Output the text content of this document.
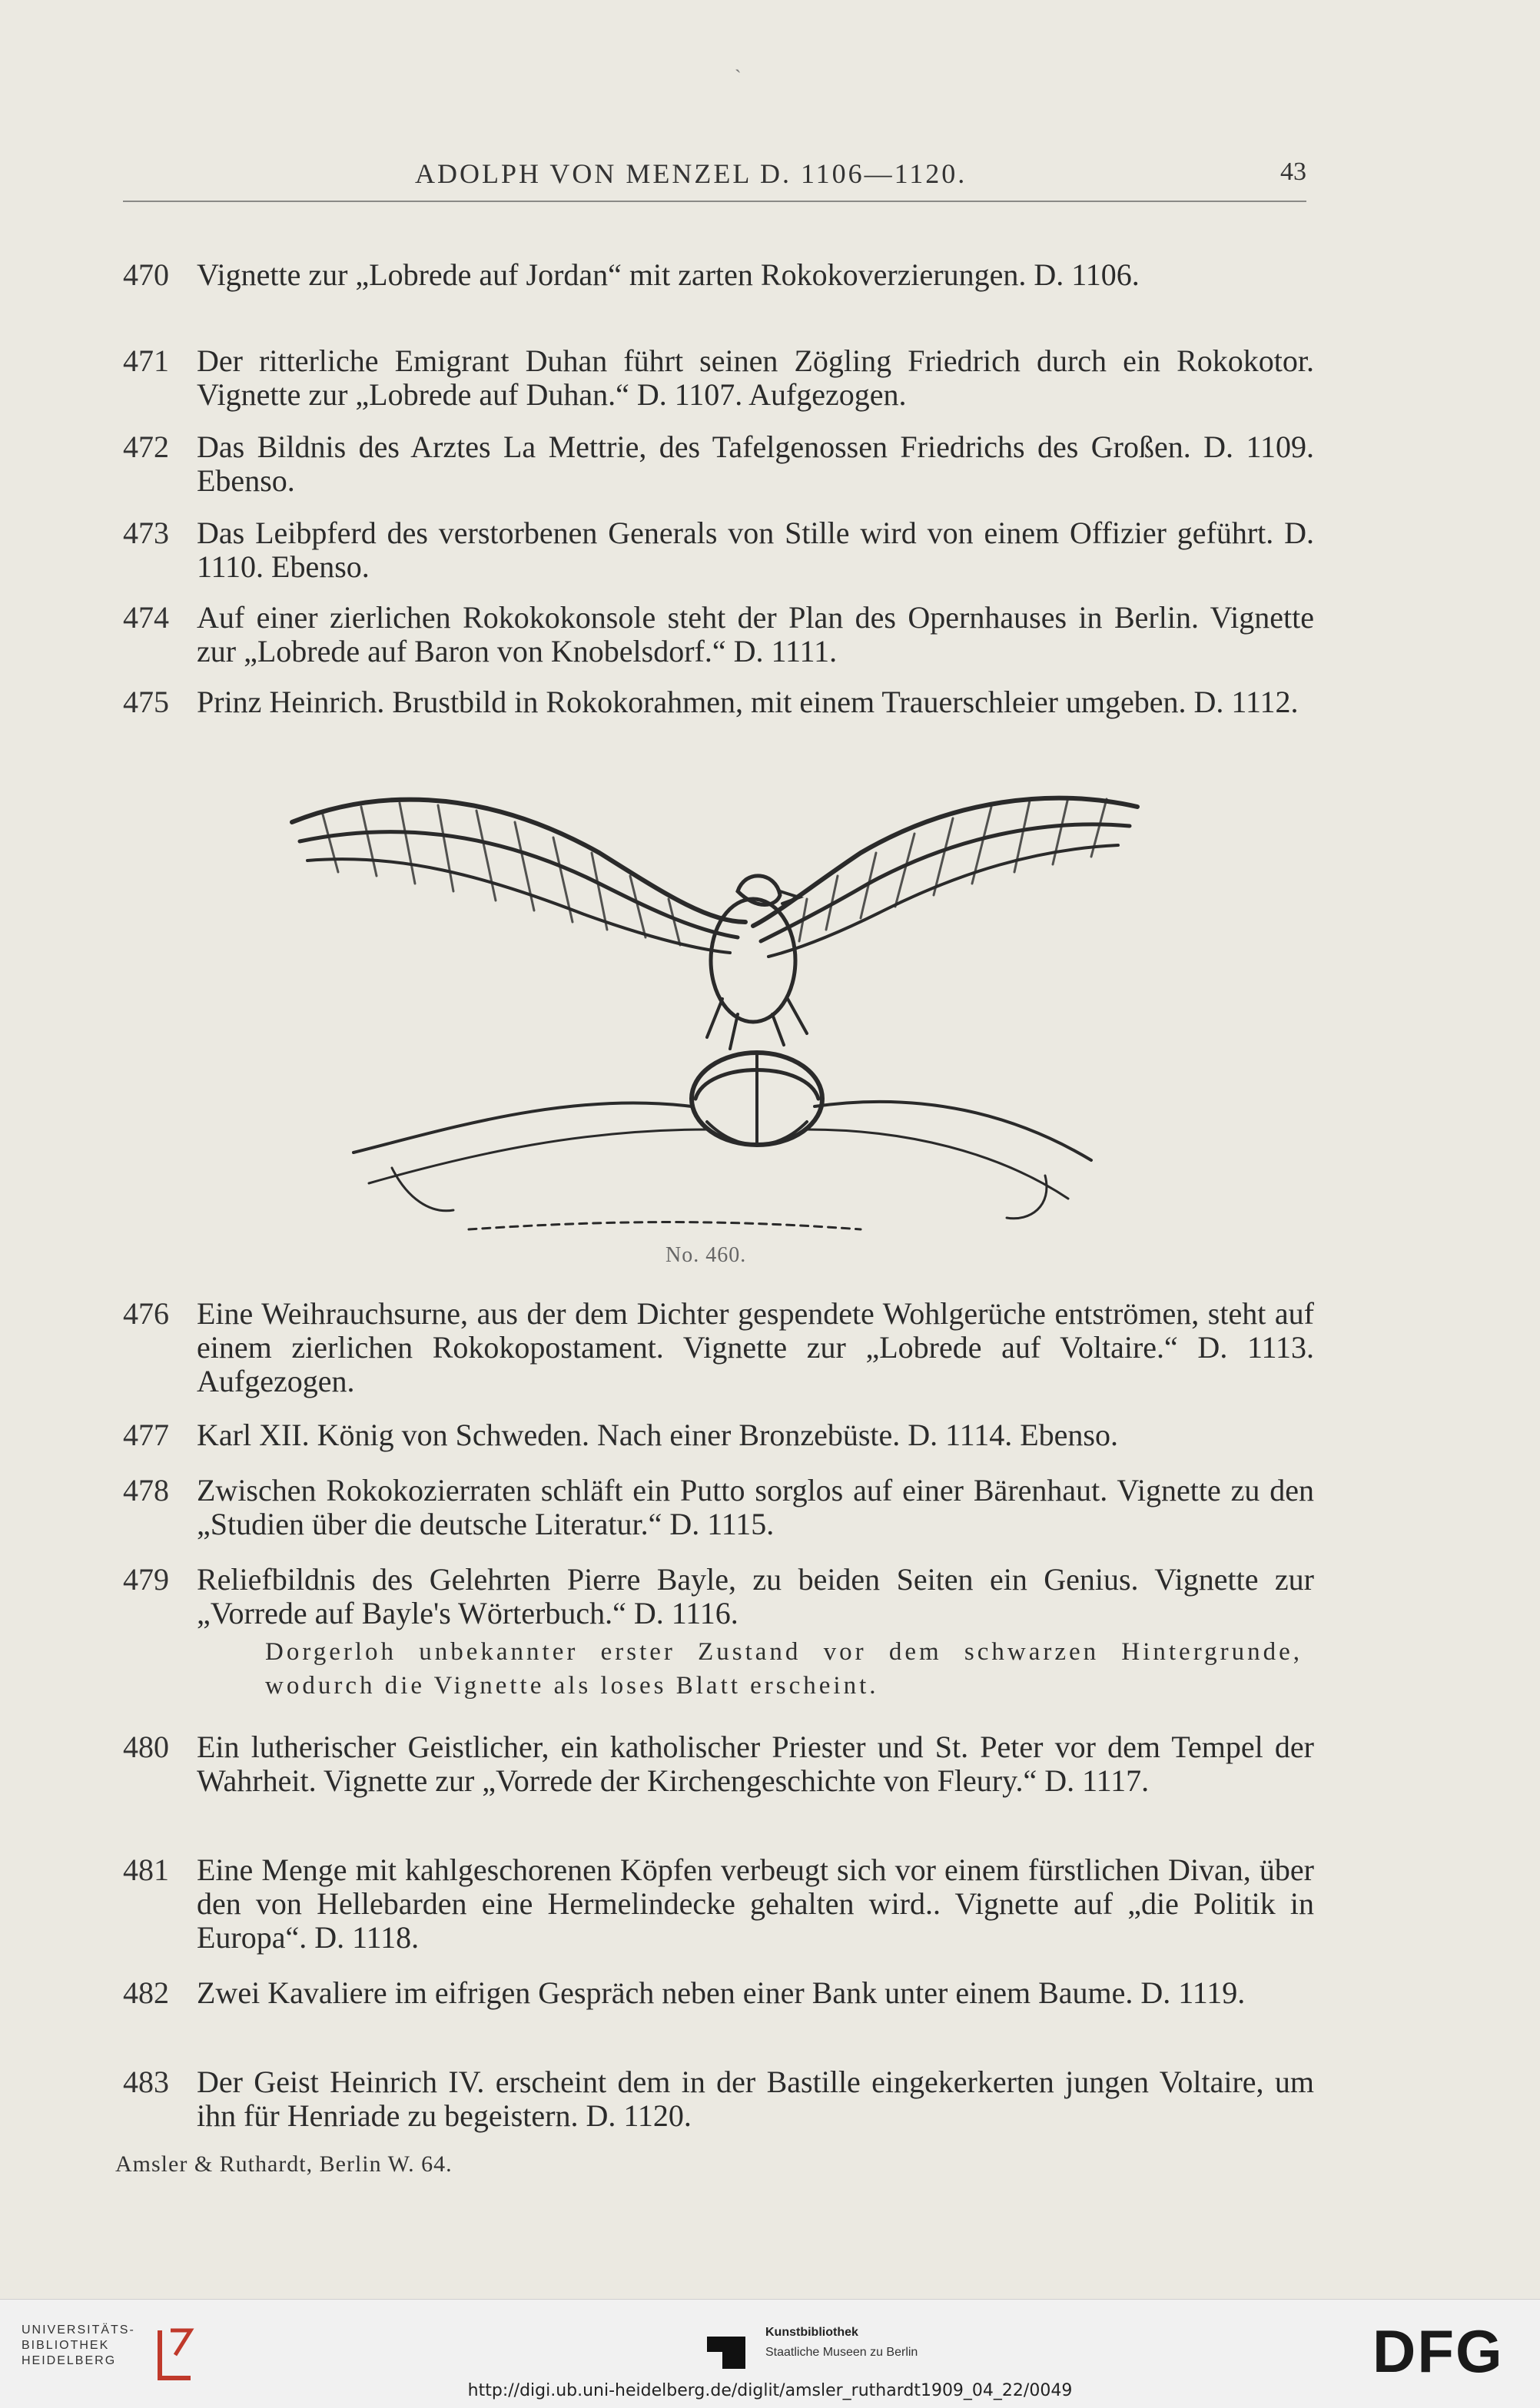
`
ADOLPH VON MENZEL D. 1106—1120.	43
470 Vignette zur „Lobrede auf Jordan“ mit zarten Rokokoverzierungen. D. 1106.
471 Der ritterliche Emigrant Duhan führt seinen Zögling Friedrich durch ein Rokokotor. Vignette zur „Lobrede auf Duhan.“ D. 1107. Aufgezogen.
472 Das Bildnis des Arztes La Mettrie, des Tafelgenossen Friedrichs des Großen. D. 1109. Ebenso.
473 Das Leibpferd des verstorbenen Generals von Stille wird von einem Offizier geführt. D. 1110. Ebenso.
474 Auf einer zierlichen Rokokokonsole steht der Plan des Opernhauses in Berlin. Vignette zur „Lobrede auf Baron von Knobelsdorf.“ D. 1111.
475 Prinz Heinrich. Brustbild in Rokokorahmen, mit einem Trauerschleier umgeben. D. 1112.
No. 460.
476 Eine Weihrauchsurne, aus der dem Dichter gespendete Wohlgerüche entströmen, steht auf einem zierlichen Rokokopostament. Vignette zur „Lobrede auf Voltaire.“ D. 1113. Aufgezogen.
477 Karl XII. König von Schweden. Nach einer Bronzebüste. D. 1114. Ebenso.
478 Zwischen Rokokozierraten schläft ein Putto sorglos auf einer Bärenhaut. Vignette zu den „Studien über die deutsche Literatur.“ D. 1115.
479 Reliefbildnis des Gelehrten Pierre Bayle, zu beiden Seiten ein Genius. Vignette zur „Vorrede auf Bayle's Wörterbuch.“ D. 1116.
Dorgerloh unbekannter erster Zustand vor dem schwarzen Hintergrunde, wodurch die Vignette als loses Blatt erscheint.
480 Ein lutherischer Geistlicher, ein katholischer Priester und St. Peter vor dem Tempel der Wahrheit. Vignette zur „Vorrede der Kirchengeschichte von Fleury.“ D. 1117.
481 Eine Menge mit kahlgeschorenen Köpfen verbeugt sich vor einem fürstlichen Divan, über den von Hellebarden eine Hermelindecke gehalten wird.. Vignette auf „die Politik in Europa“. D. 1118.
482 Zwei Kavaliere im eifrigen Gespräch neben einer Bank unter einem Baume. D. 1119.
483 Der Geist Heinrich IV. erscheint dem in der Bastille eingekerkerten jungen Voltaire, um ihn für Henriade zu begeistern. D. 1120.
Amsler & Ruthardt, Berlin W. 64.
UNIVERSITÄTS-
BIBLIOTHEK
HEIDELBERG
Kunstbibliothek
Staatliche Museen zu Berlin	DFG
http://digi.ub.uni-heidelberg.de/diglit/amsler_ruthardt1909_04_22/0049
